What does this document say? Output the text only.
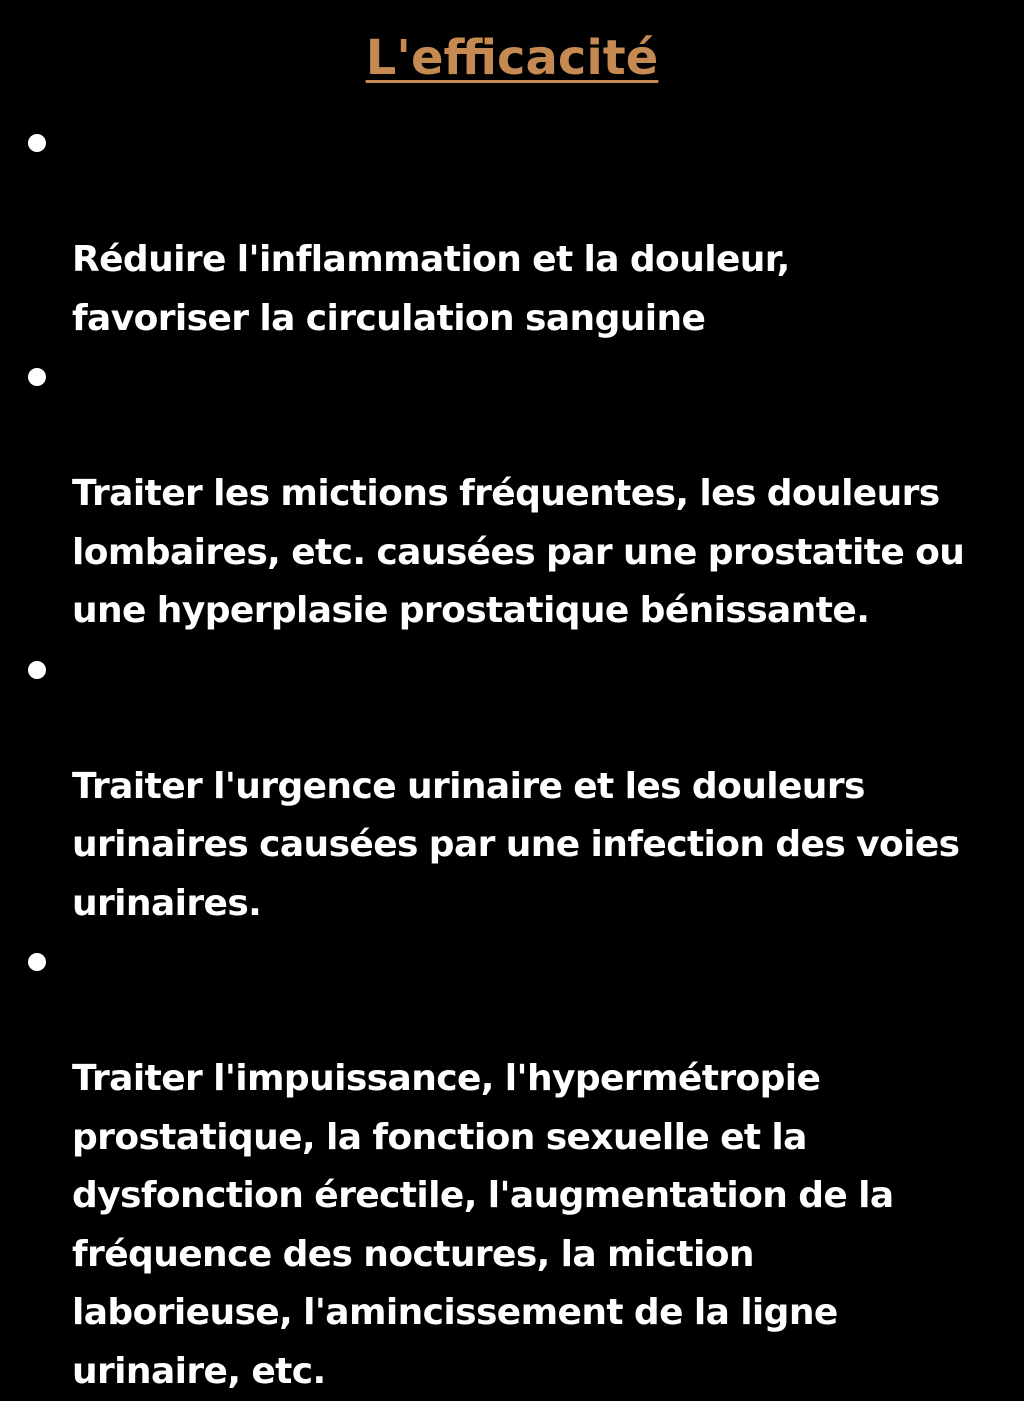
L'efficacité

Réduire l'inflammation et la douleur,
favoriser la circulation sanguine

Traiter les mictions fréquentes, les douleurs
lombaires, etc. causées par une prostatite ou
une hyperplasie prostatique bénissante.

Traiter l'urgence urinaire et les douleurs
urinaires causées par une infection des voies
urinaires.

Traiter l'impuissance, l'hypermétropie
prostatique, la fonction sexuelle et la
dysfonction érectile, l'augmentation de la
fréquence des noctures, la miction
laborieuse, l'amincissement de la ligne
urinaire, etc.
